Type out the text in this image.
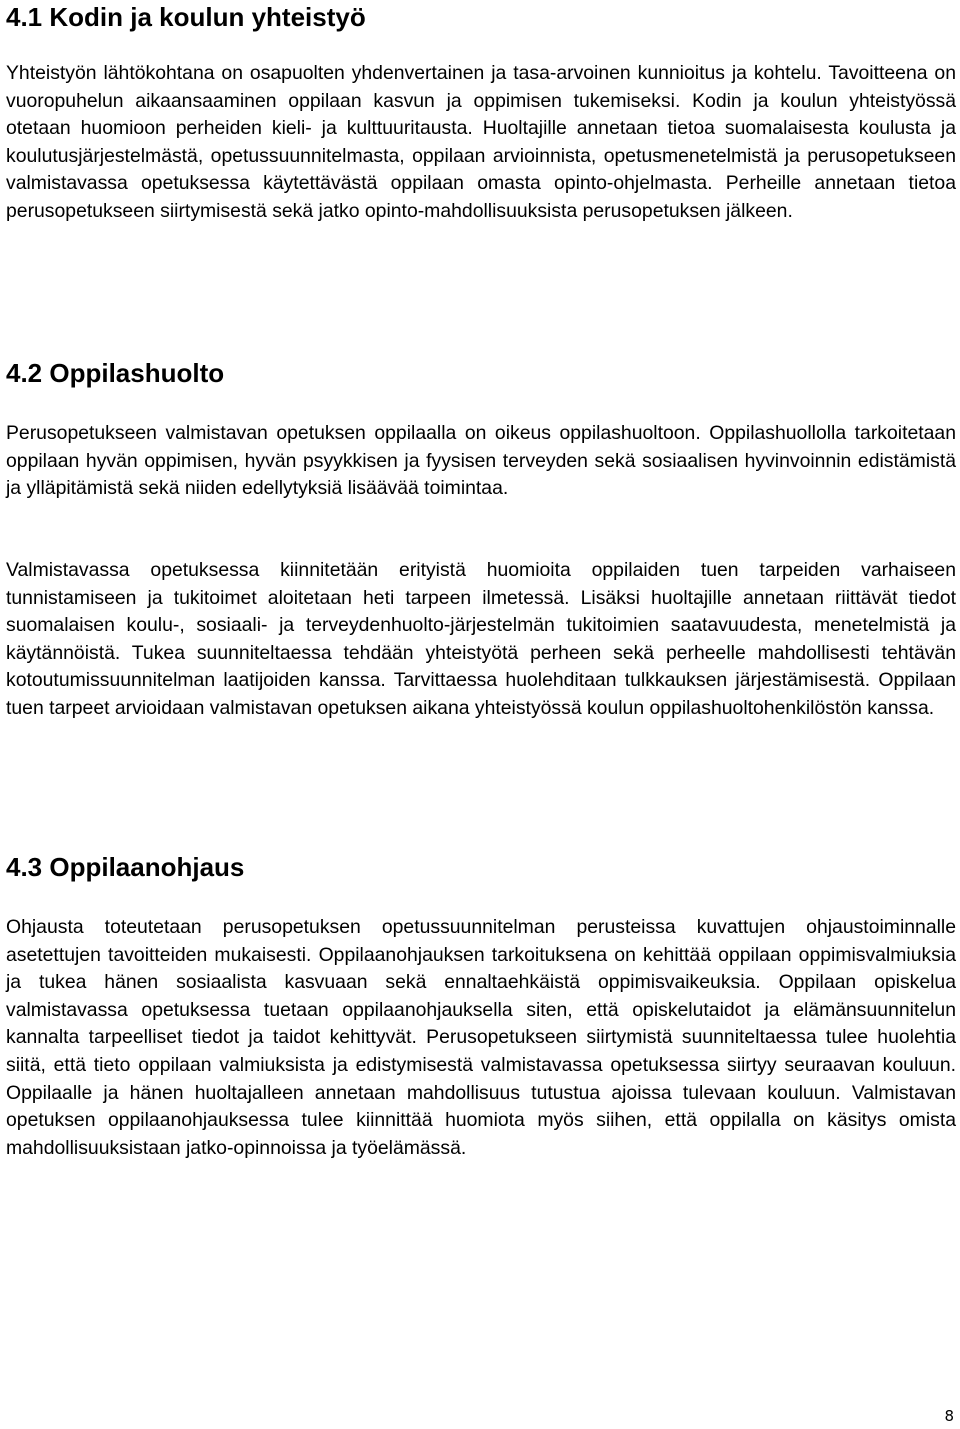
4.1 Kodin ja koulun yhteistyö

Yhteistyön lähtökohtana on osapuolten yhdenvertainen ja tasa-arvoinen kunnioitus ja kohtelu. Tavoitteena on vuoropuhelun aikaansaaminen oppilaan kasvun ja oppimisen tukemiseksi. Kodin ja koulun yhteistyössä otetaan huomioon perheiden kieli- ja kulttuuritausta. Huoltajille annetaan tietoa suomalaisesta koulusta ja koulutusjärjestelmästä, opetussuunnitelmasta, oppilaan arvioinnista, opetusmenetelmistä ja perusopetukseen valmistavassa opetuksessa käytettävästä oppilaan omasta opinto-ohjelmasta. Perheille annetaan tietoa perusopetukseen siirtymisestä sekä jatko opinto-mahdollisuuksista perusopetuksen jälkeen.

4.2 Oppilashuolto

Perusopetukseen valmistavan opetuksen oppilaalla on oikeus oppilashuoltoon. Oppilashuollolla tarkoitetaan oppilaan hyvän oppimisen, hyvän psyykkisen ja fyysisen terveyden sekä sosiaalisen hyvinvoinnin edistämistä ja ylläpitämistä sekä niiden edellytyksiä lisäävää toimintaa.

Valmistavassa opetuksessa kiinnitetään erityistä huomioita oppilaiden tuen tarpeiden varhaiseen tunnistamiseen ja tukitoimet aloitetaan heti tarpeen ilmetessä. Lisäksi huoltajille annetaan riittävät tiedot suomalaisen koulu-, sosiaali- ja terveydenhuolto-järjestelmän tukitoimien saatavuudesta, menetelmistä ja käytännöistä. Tukea suunniteltaessa tehdään yhteistyötä perheen sekä perheelle mahdollisesti tehtävän kotoutumissuunnitelman laatijoiden kanssa. Tarvittaessa huolehditaan tulkkauksen järjestämisestä. Oppilaan tuen tarpeet arvioidaan valmistavan opetuksen aikana yhteistyössä koulun oppilashuoltohenkilöstön kanssa.

4.3 Oppilaanohjaus

Ohjausta toteutetaan perusopetuksen opetussuunnitelman perusteissa kuvattujen ohjaustoiminnalle asetettujen tavoitteiden mukaisesti. Oppilaanohjauksen tarkoituksena on kehittää oppilaan oppimisvalmiuksia ja tukea hänen sosiaalista kasvuaan sekä ennaltaehkäistä oppimisvaikeuksia. Oppilaan opiskelua valmistavassa opetuksessa tuetaan oppilaanohjauksella siten, että opiskelutaidot ja elämänsuunnitelun kannalta tarpeelliset tiedot ja taidot kehittyvät. Perusopetukseen siirtymistä suunniteltaessa tulee huolehtia siitä, että tieto oppilaan valmiuksista ja edistymisestä valmistavassa opetuksessa siirtyy seuraavan kouluun. Oppilaalle ja hänen huoltajalleen annetaan mahdollisuus tutustua ajoissa tulevaan kouluun. Valmistavan opetuksen oppilaanohjauksessa tulee kiinnittää huomiota myös siihen, että oppilalla on käsitys omista mahdollisuuksistaan jatko-opinnoissa ja työelämässä.

8
